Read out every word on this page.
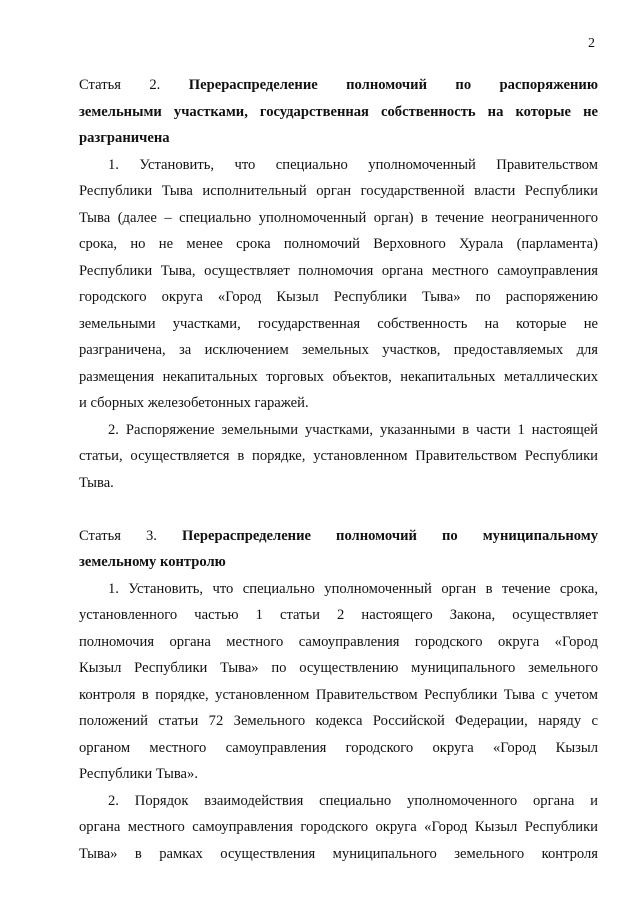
2
Статья 2. Перераспределение полномочий по распоряжению
земельными участками, государственная собственность на которые не
разграничена
1. Установить, что специально уполномоченный Правительством
Республики Тыва исполнительный орган государственной власти Республики
Тыва (далее – специально уполномоченный орган) в течение неограниченного
срока, но не менее срока полномочий Верховного Хурала (парламента)
Республики Тыва, осуществляет полномочия органа местного самоуправления
городского округа «Город Кызыл Республики Тыва» по распоряжению
земельными участками, государственная собственность на которые не
разграничена, за исключением земельных участков, предоставляемых для
размещения некапитальных торговых объектов, некапитальных металлических
и сборных железобетонных гаражей.
2. Распоряжение земельными участками, указанными в части 1 настоящей
статьи, осуществляется в порядке, установленном Правительством Республики
Тыва.
Статья 3. Перераспределение полномочий по муниципальному
земельному контролю
1. Установить, что специально уполномоченный орган в течение срока,
установленного частью 1 статьи 2 настоящего Закона, осуществляет
полномочия органа местного самоуправления городского округа «Город
Кызыл Республики Тыва» по осуществлению муниципального земельного
контроля в порядке, установленном Правительством Республики Тыва с учетом
положений статьи 72 Земельного кодекса Российской Федерации, наряду с
органом местного самоуправления городского округа «Город Кызыл
Республики Тыва».
2. Порядок взаимодействия специально уполномоченного органа и
органа местного самоуправления городского округа «Город Кызыл Республики
Тыва» в рамках осуществления муниципального земельного контроля
